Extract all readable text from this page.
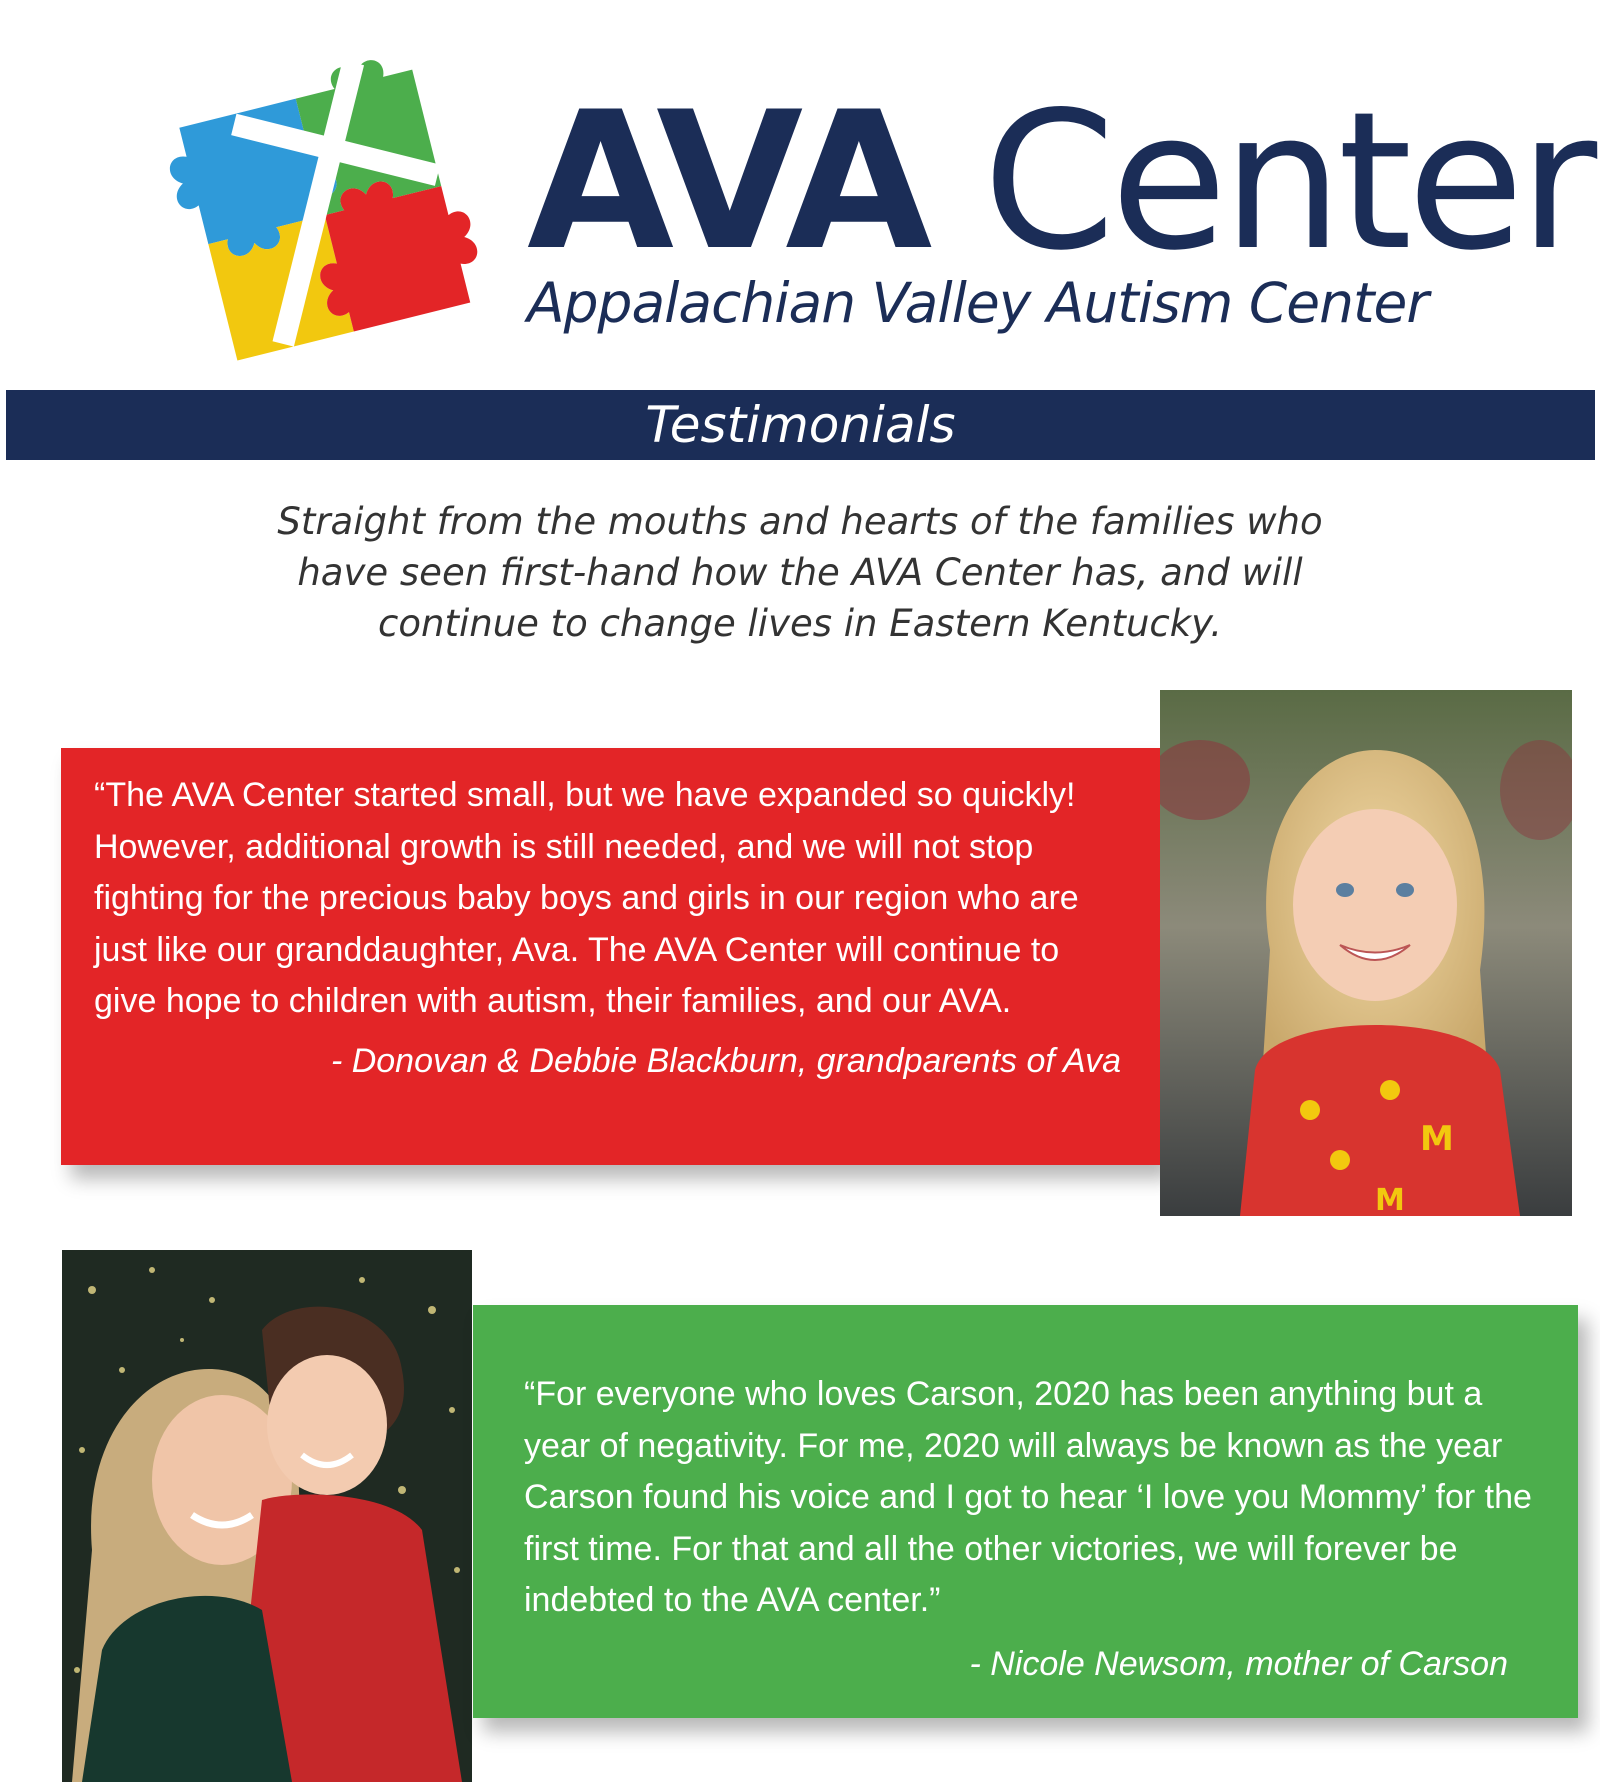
AVA Center
Appalachian Valley Autism Center
Testimonials
Straight from the mouths and hearts of the families who have seen first-hand how the AVA Center has, and will continue to change lives in Eastern Kentucky.

“The AVA Center started small, but we have expanded so quickly! However, additional growth is still needed, and we will not stop fighting for the precious baby boys and girls in our region who are just like our granddaughter, Ava. The AVA Center will continue to give hope to children with autism, their families, and our AVA.

- Donovan & Debbie Blackburn, grandparents of Ava

M
M

“For everyone who loves Carson, 2020 has been anything but a year of negativity. For me, 2020 will always be known as the year Carson found his voice and I got to hear ‘I love you Mommy’ for the first time. For that and all the other victories, we will forever be indebted to the AVA center.”

- Nicole Newsom, mother of Carson
